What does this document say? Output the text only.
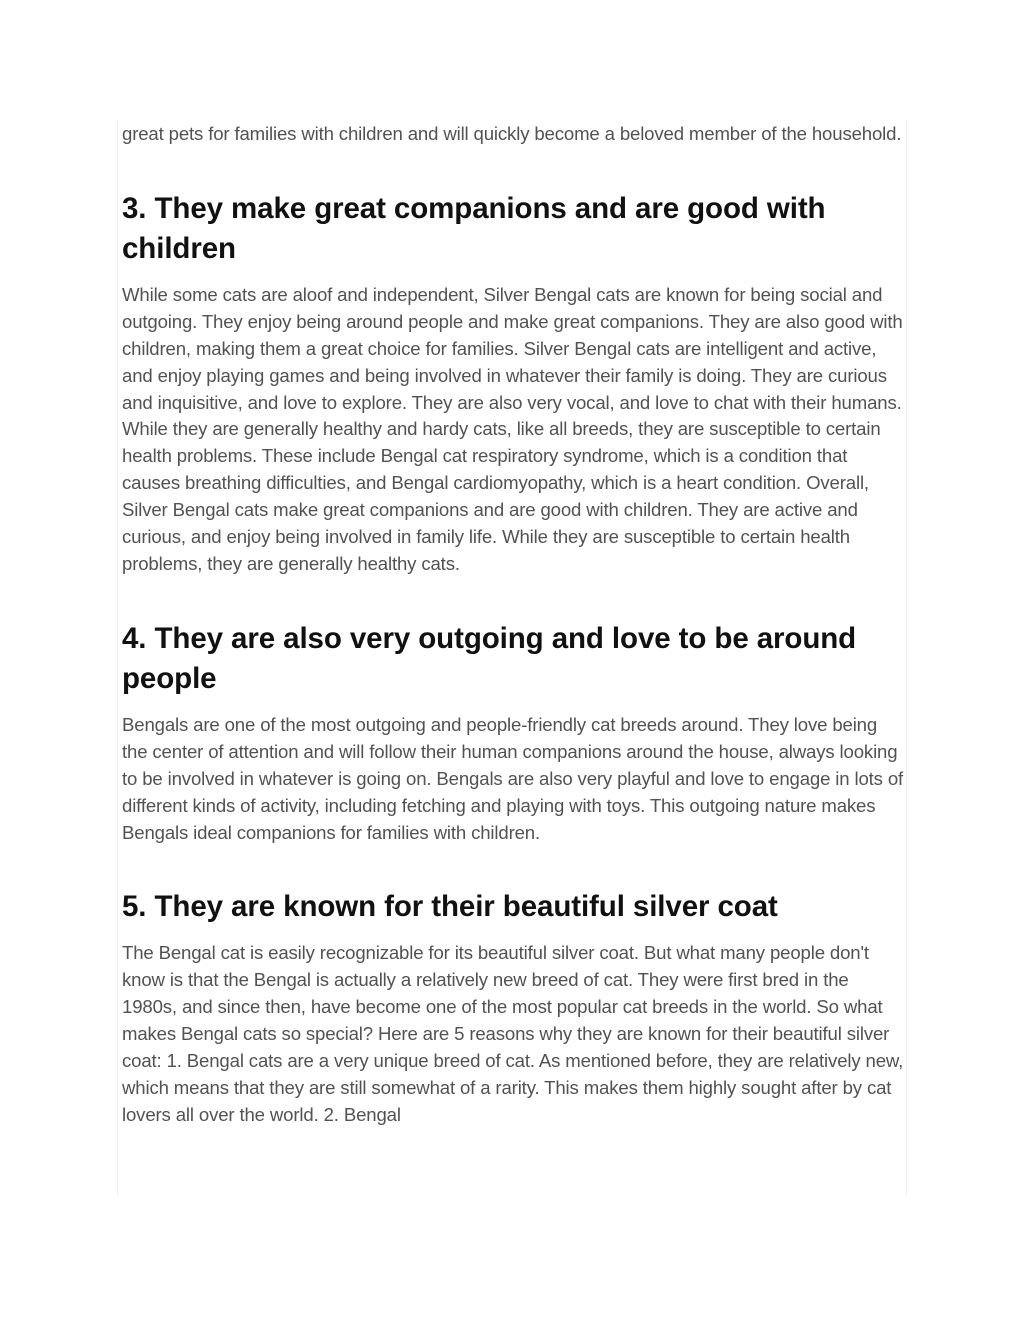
great pets for families with children and will quickly become a beloved member of the household.

3. They make great companions and are good with children

While some cats are aloof and independent, Silver Bengal cats are known for being social and outgoing. They enjoy being around people and make great companions. They are also good with children, making them a great choice for families. Silver Bengal cats are intelligent and active, and enjoy playing games and being involved in whatever their family is doing. They are curious and inquisitive, and love to explore. They are also very vocal, and love to chat with their humans. While they are generally healthy and hardy cats, like all breeds, they are susceptible to certain health problems. These include Bengal cat respiratory syndrome, which is a condition that causes breathing difficulties, and Bengal cardiomyopathy, which is a heart condition. Overall, Silver Bengal cats make great companions and are good with children. They are active and curious, and enjoy being involved in family life. While they are susceptible to certain health problems, they are generally healthy cats.

4. They are also very outgoing and love to be around people

Bengals are one of the most outgoing and people-friendly cat breeds around. They love being the center of attention and will follow their human companions around the house, always looking to be involved in whatever is going on. Bengals are also very playful and love to engage in lots of different kinds of activity, including fetching and playing with toys. This outgoing nature makes Bengals ideal companions for families with children.

5. They are known for their beautiful silver coat

The Bengal cat is easily recognizable for its beautiful silver coat. But what many people don't know is that the Bengal is actually a relatively new breed of cat. They were first bred in the 1980s, and since then, have become one of the most popular cat breeds in the world. So what makes Bengal cats so special? Here are 5 reasons why they are known for their beautiful silver coat: 1. Bengal cats are a very unique breed of cat. As mentioned before, they are relatively new, which means that they are still somewhat of a rarity. This makes them highly sought after by cat lovers all over the world. 2. Bengal
